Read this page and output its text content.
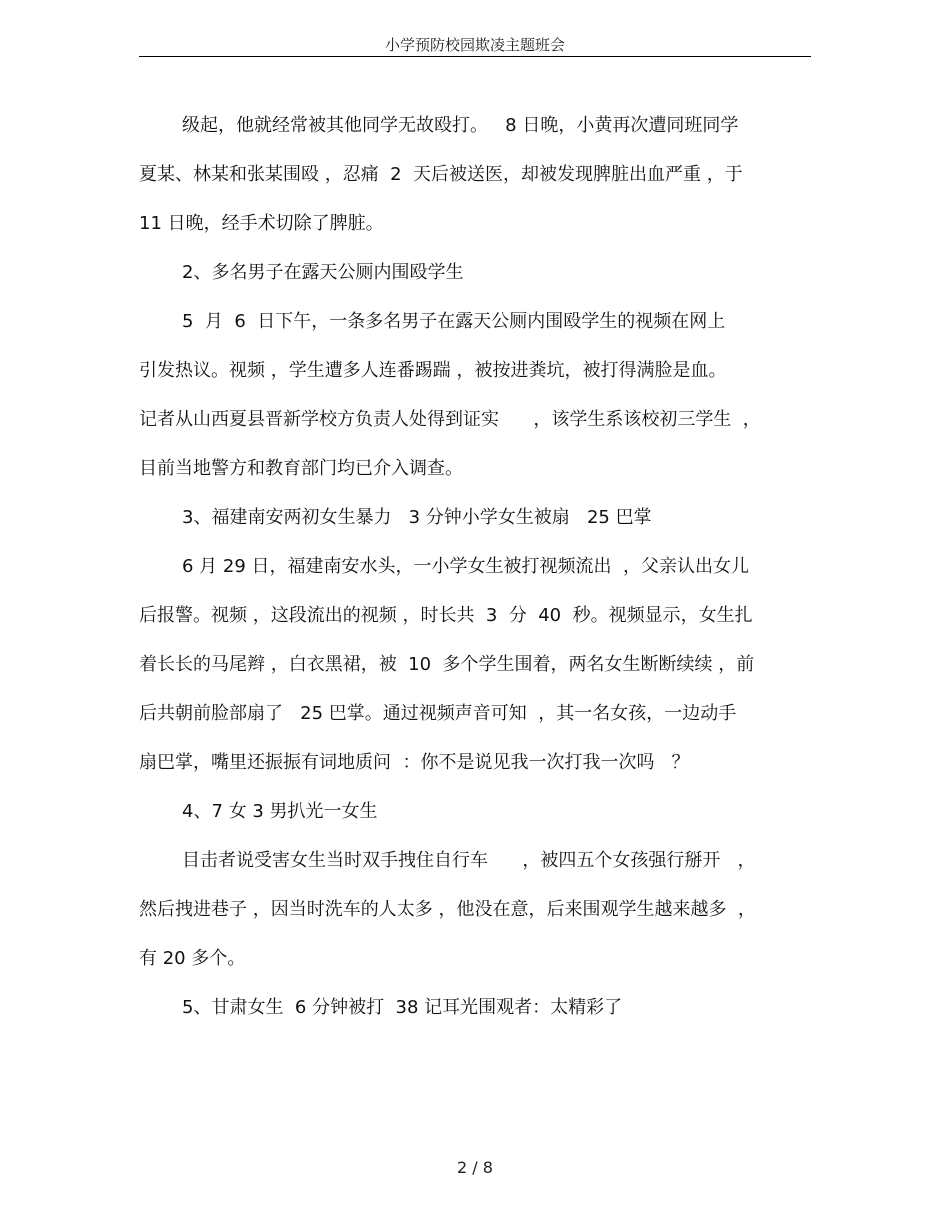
小学预防校园欺凌主题班会
级起，他就经常被其他同学无故殴打。   8 日晚，小黄再次遭同班同学
夏某、林某和张某围殴 ，忍痛  2  天后被送医，却被发现脾脏出血严重 ，于
11 日晚，经手术切除了脾脏。
2、多名男子在露天公厕内围殴学生
5  月  6  日下午，一条多名男子在露天公厕内围殴学生的视频在网上
引发热议。视频 ，学生遭多人连番踢踹 ，被按进粪坑，被打得满脸是血。
记者从山西夏县晋新学校方负责人处得到证实      ，该学生系该校初三学生  ，
目前当地警方和教育部门均已介入调查。
3、福建南安两初女生暴力   3 分钟小学女生被扇   25 巴掌
6 月 29 日，福建南安水头，一小学女生被打视频流出  ，父亲认出女儿
后报警。视频 ，这段流出的视频 ，时长共  3  分  40  秒。视频显示，女生扎
着长长的马尾辫 ，白衣黑裙，被  10  多个学生围着，两名女生断断续续 ，前
后共朝前脸部扇了   25 巴掌。通过视频声音可知  ，其一名女孩，一边动手
扇巴掌，嘴里还振振有词地质问  ：你不是说见我一次打我一次吗   ？
4、7 女 3 男扒光一女生
目击者说受害女生当时双手拽住自行车      ，被四五个女孩强行掰开   ，
然后拽进巷子 ，因当时洗车的人太多 ，他没在意，后来围观学生越来越多  ，
有 20 多个。
5、甘肃女生  6 分钟被打  38 记耳光围观者：太精彩了
2 / 8
